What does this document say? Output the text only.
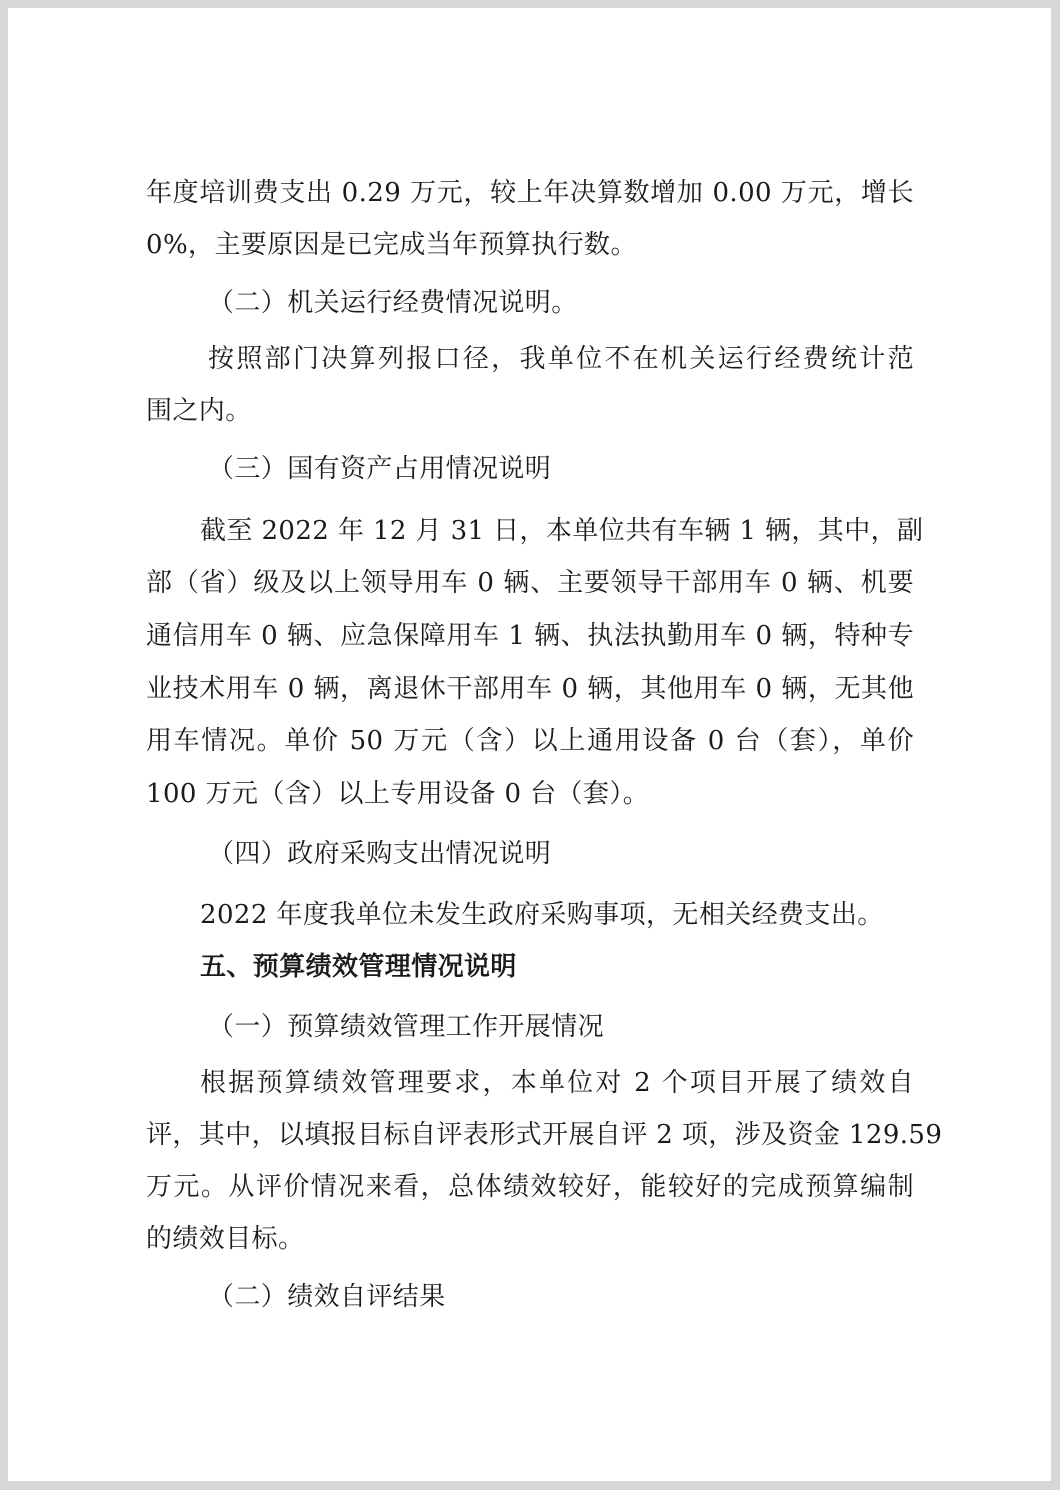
年度培训费支出 0.29 万元，较上年决算数增加 0.00 万元，增长
0%，主要原因是已完成当年预算执行数。
（二）机关运行经费情况说明。
按照部门决算列报口径，我单位不在机关运行经费统计范
围之内。
（三）国有资产占用情况说明
截至 2022 年 12 月 31 日，本单位共有车辆 1 辆，其中，副
部（省）级及以上领导用车 0 辆、主要领导干部用车 0 辆、机要
通信用车 0 辆、应急保障用车 1 辆、执法执勤用车 0 辆，特种专
业技术用车 0 辆，离退休干部用车 0 辆，其他用车 0 辆，无其他
用车情况。单价 50 万元（含）以上通用设备 0 台（套），单价
100 万元（含）以上专用设备 0 台（套）。
（四）政府采购支出情况说明
2022 年度我单位未发生政府采购事项，无相关经费支出。
五、预算绩效管理情况说明
（一）预算绩效管理工作开展情况
根据预算绩效管理要求，本单位对 2 个项目开展了绩效自
评，其中，以填报目标自评表形式开展自评 2 项，涉及资金 129.59
万元。从评价情况来看，总体绩效较好，能较好的完成预算编制
的绩效目标。
（二）绩效自评结果
